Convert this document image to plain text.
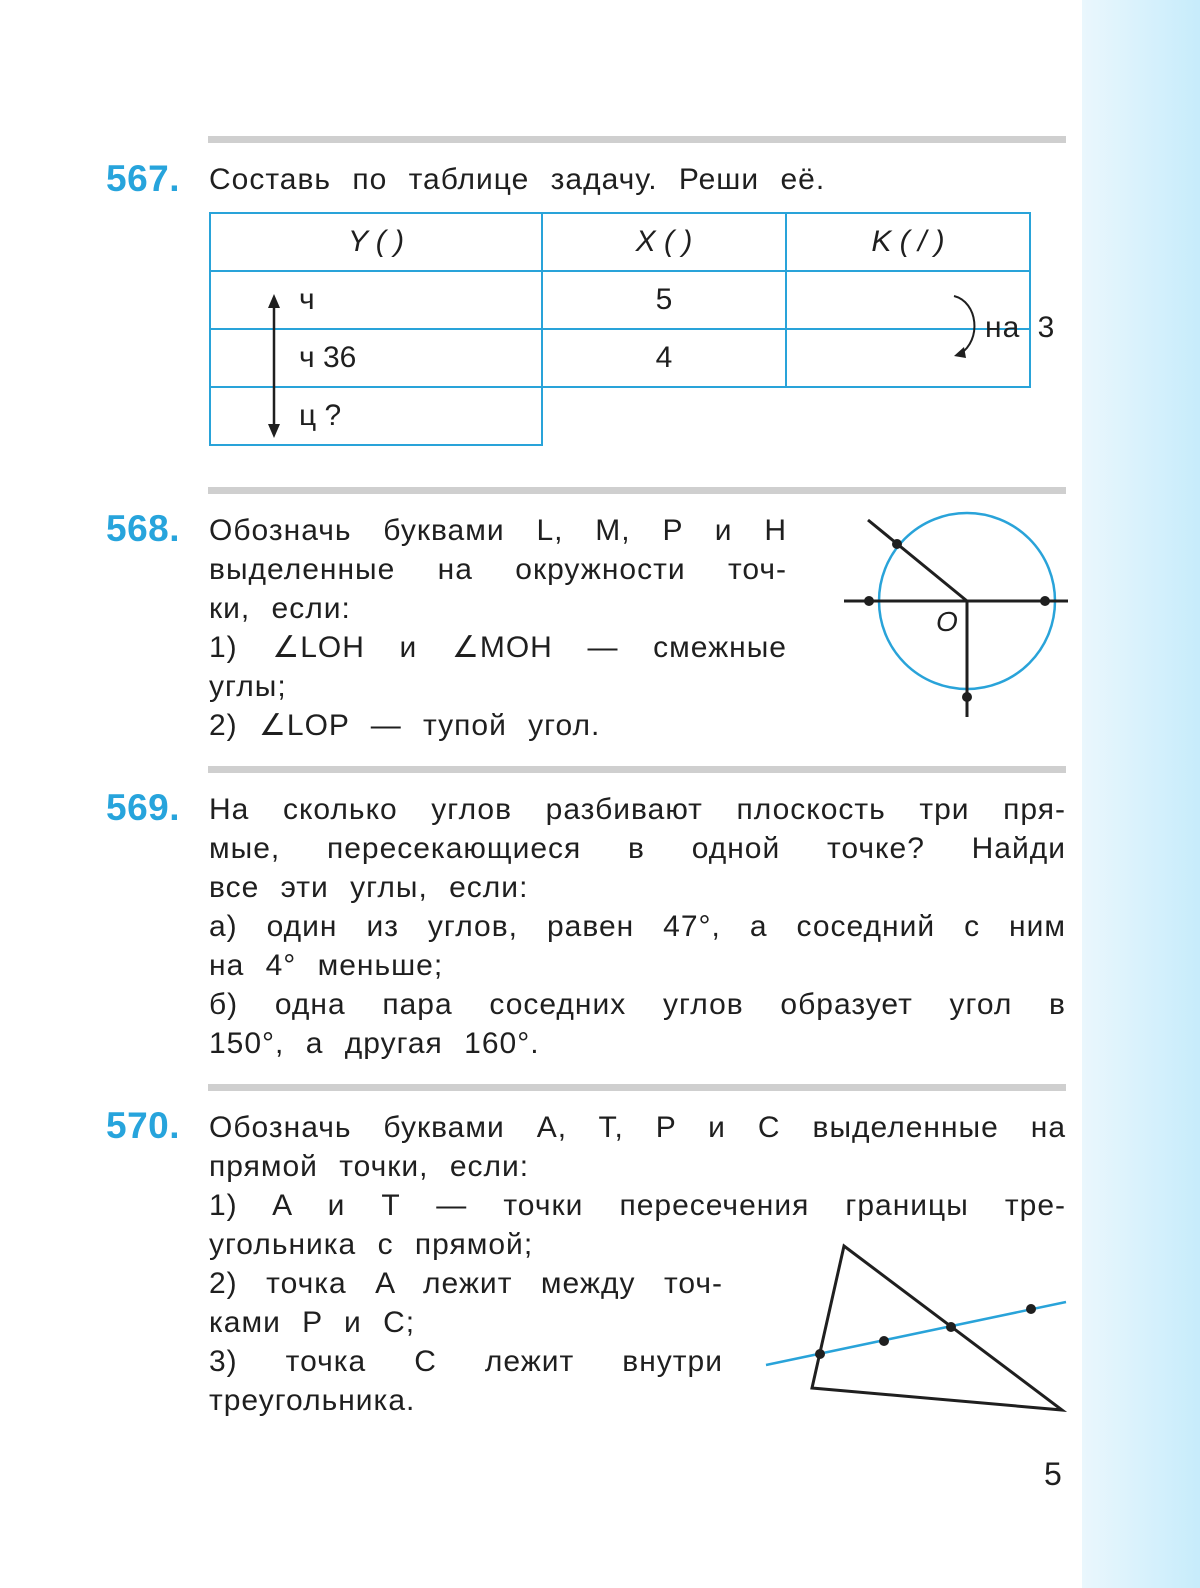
567. Составь по таблице задачу. Реши её.
Y ( )	X ( )	K ( / )
ч	5	
ч 36	4	
ц ?		
на 3
568. Обозначь буквами L, M, P и H
выделенные на окружности точ-
ки, если:
1) ∠LOH и ∠MOH — смежные
углы;
2) ∠LOP — тупой угол.
O
569. На сколько углов разбивают плоскость три пря-
мые, пересекающиеся в одной точке? Найди
все эти углы, если:
а) один из углов, равен 47°, а соседний с ним
на 4° меньше;
б) одна пара соседних углов образует угол в
150°, а другая 160°.
570. Обозначь буквами A, T, P и C выделенные на
прямой точки, если:
1) A и T — точки пересечения границы тре-
угольника с прямой;
2) точка A лежит между точ-
ками P и C;
3) точка C лежит внутри
треугольника.
5
